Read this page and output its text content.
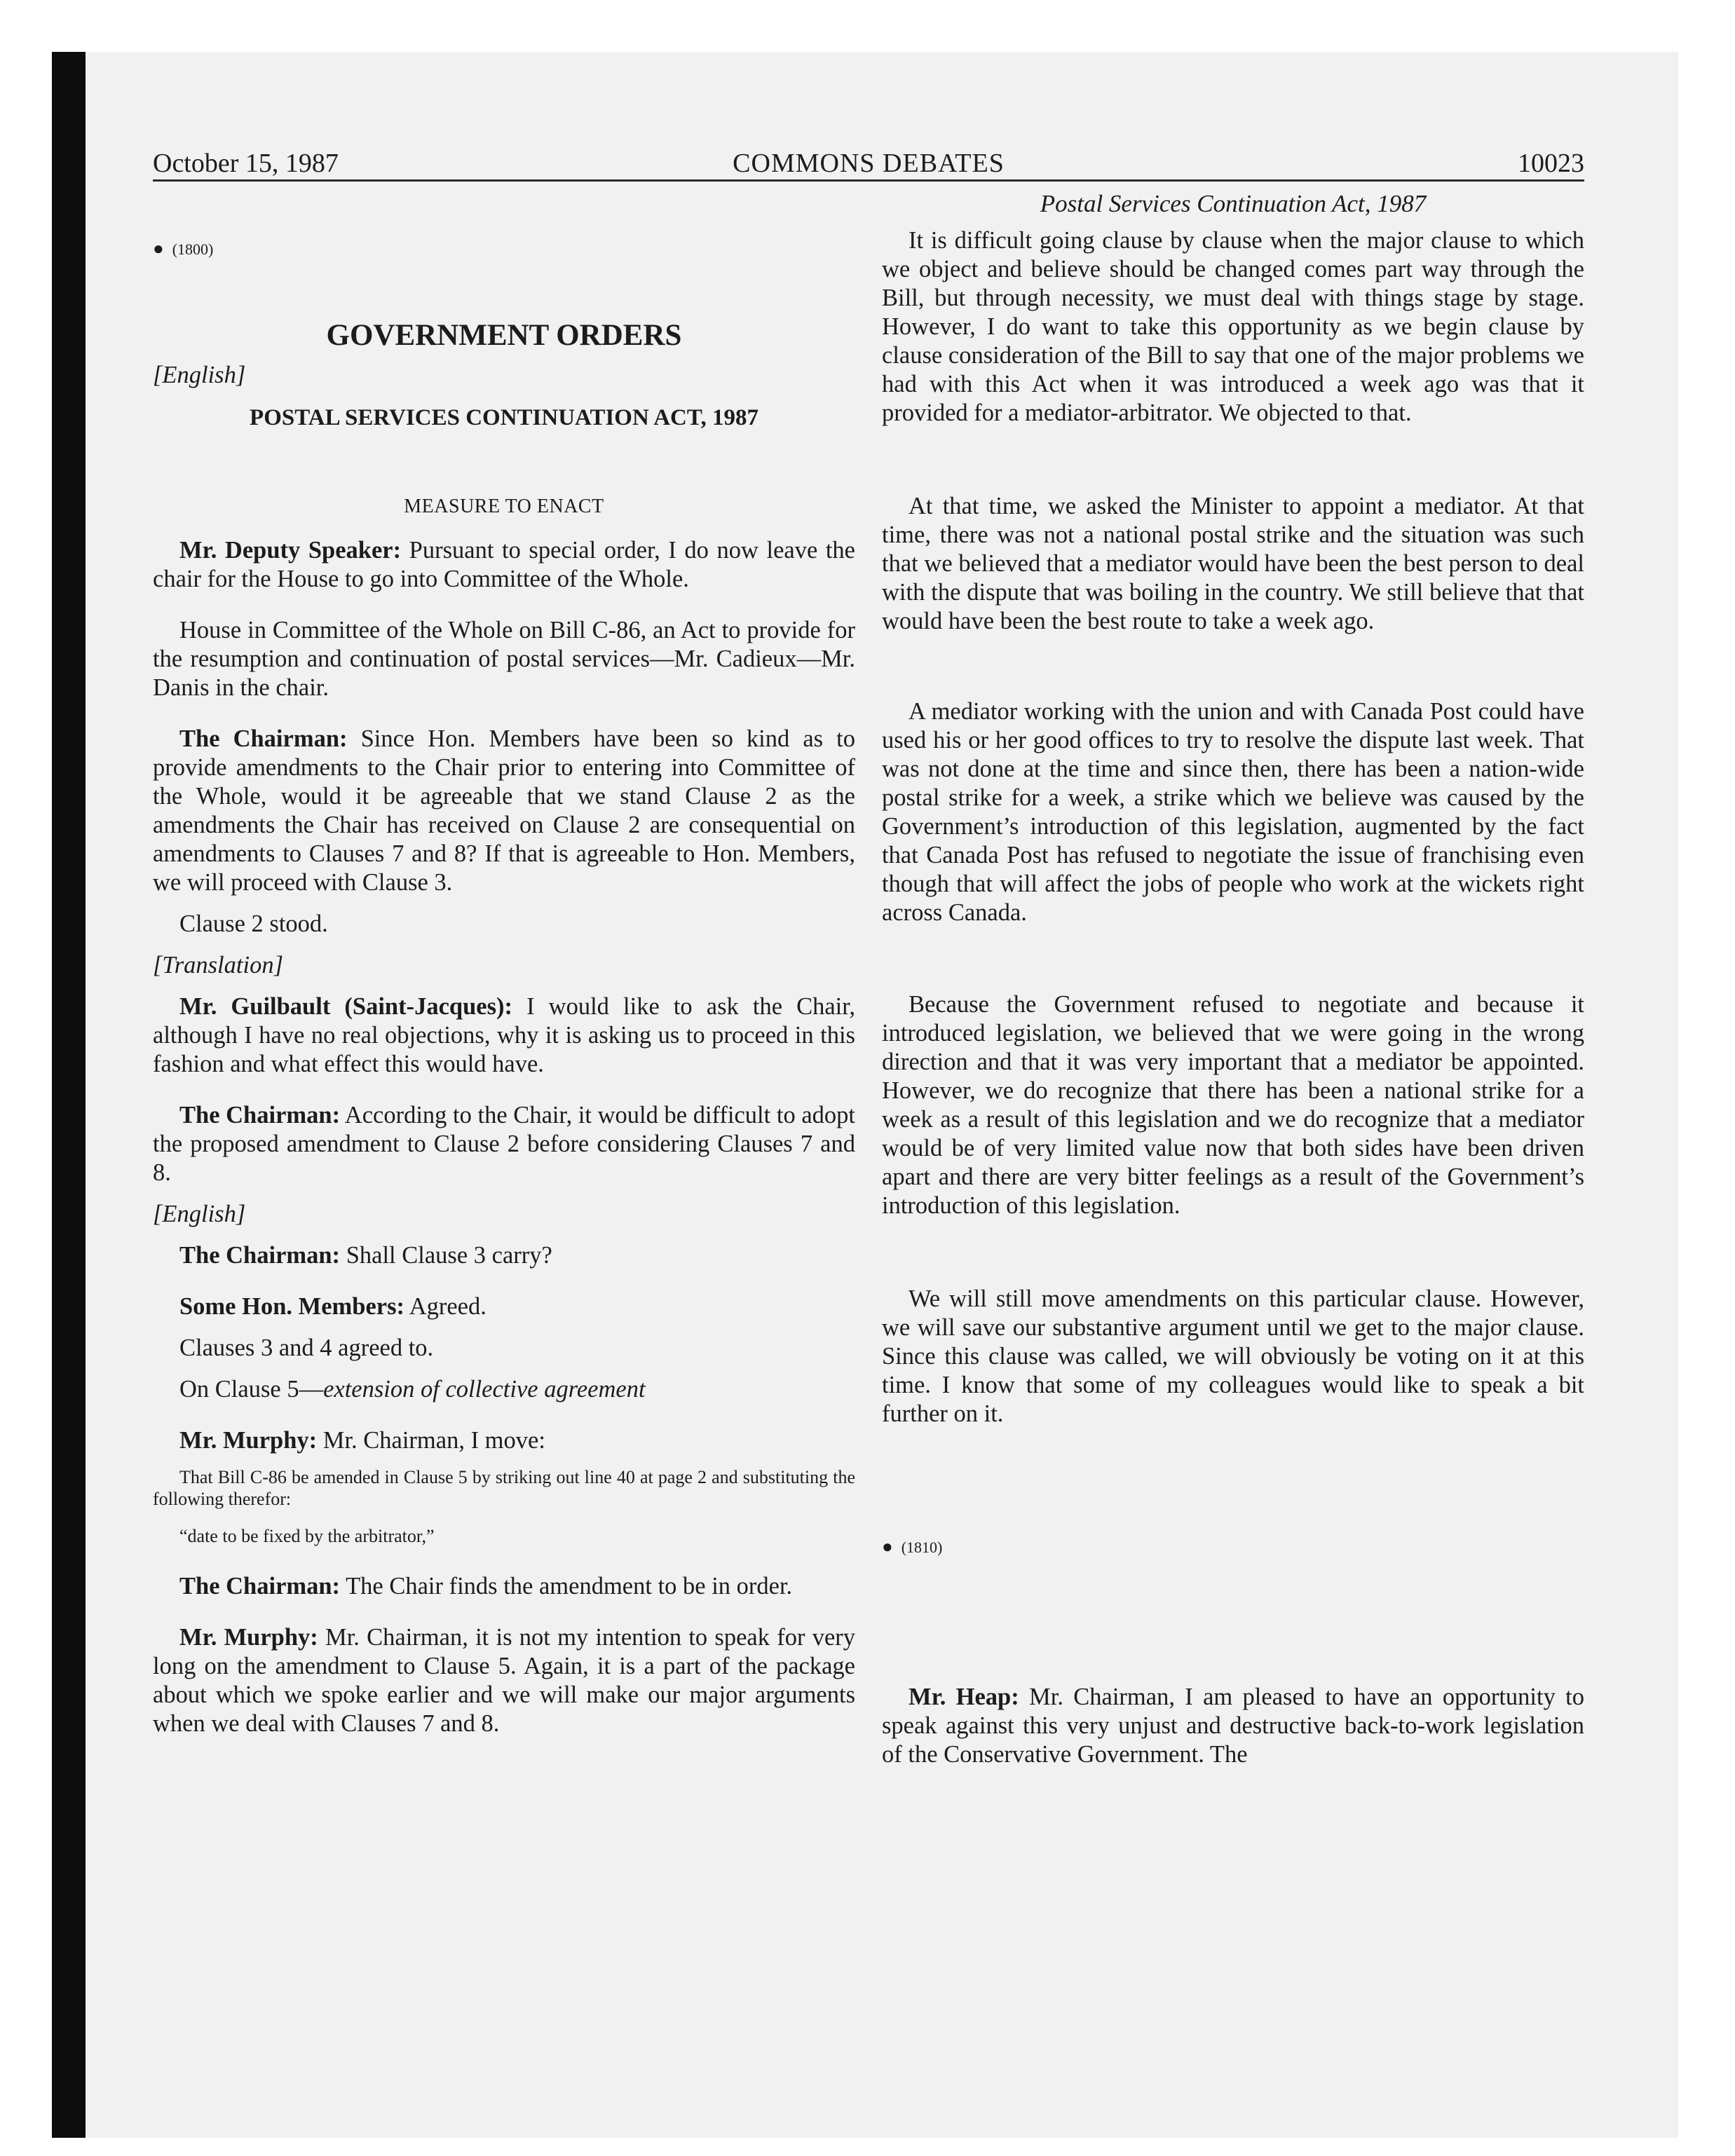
October 15, 1987	COMMONS DEBATES	10023

● (1800)

GOVERNMENT ORDERS

[English]

POSTAL SERVICES CONTINUATION ACT, 1987

MEASURE TO ENACT

Mr. Deputy Speaker: Pursuant to special order, I do now leave the chair for the House to go into Committee of the Whole.

House in Committee of the Whole on Bill C-86, an Act to provide for the resumption and continuation of postal services—Mr. Cadieux—Mr. Danis in the chair.

The Chairman: Since Hon. Members have been so kind as to provide amendments to the Chair prior to entering into Committee of the Whole, would it be agreeable that we stand Clause 2 as the amendments the Chair has received on Clause 2 are consequential on amendments to Clauses 7 and 8? If that is agreeable to Hon. Members, we will proceed with Clause 3.

Clause 2 stood.

[Translation]

Mr. Guilbault (Saint-Jacques): I would like to ask the Chair, although I have no real objections, why it is asking us to proceed in this fashion and what effect this would have.

The Chairman: According to the Chair, it would be difficult to adopt the proposed amendment to Clause 2 before considering Clauses 7 and 8.

[English]

The Chairman: Shall Clause 3 carry?

Some Hon. Members: Agreed.

Clauses 3 and 4 agreed to.

On Clause 5—extension of collective agreement

Mr. Murphy: Mr. Chairman, I move:

That Bill C-86 be amended in Clause 5 by striking out line 40 at page 2 and substituting the following therefor:

“date to be fixed by the arbitrator,”

The Chairman: The Chair finds the amendment to be in order.

Mr. Murphy: Mr. Chairman, it is not my intention to speak for very long on the amendment to Clause 5. Again, it is a part of the package about which we spoke earlier and we will make our major arguments when we deal with Clauses 7 and 8.

Postal Services Continuation Act, 1987

It is difficult going clause by clause when the major clause to which we object and believe should be changed comes part way through the Bill, but through necessity, we must deal with things stage by stage. However, I do want to take this opportunity as we begin clause by clause consideration of the Bill to say that one of the major problems we had with this Act when it was introduced a week ago was that it provided for a mediator-arbitrator. We objected to that.

At that time, we asked the Minister to appoint a mediator. At that time, there was not a national postal strike and the situation was such that we believed that a mediator would have been the best person to deal with the dispute that was boiling in the country. We still believe that that would have been the best route to take a week ago.

A mediator working with the union and with Canada Post could have used his or her good offices to try to resolve the dispute last week. That was not done at the time and since then, there has been a nation-wide postal strike for a week, a strike which we believe was caused by the Government’s introduction of this legislation, augmented by the fact that Canada Post has refused to negotiate the issue of franchising even though that will affect the jobs of people who work at the wickets right across Canada.

Because the Government refused to negotiate and because it introduced legislation, we believed that we were going in the wrong direction and that it was very important that a mediator be appointed. However, we do recognize that there has been a national strike for a week as a result of this legislation and we do recognize that a mediator would be of very limited value now that both sides have been driven apart and there are very bitter feelings as a result of the Government’s introduction of this legislation.

We will still move amendments on this particular clause. However, we will save our substantive argument until we get to the major clause. Since this clause was called, we will obviously be voting on it at this time. I know that some of my colleagues would like to speak a bit further on it.

● (1810)

Mr. Heap: Mr. Chairman, I am pleased to have an opportunity to speak against this very unjust and destructive back-to-work legislation of the Conservative Government. The
